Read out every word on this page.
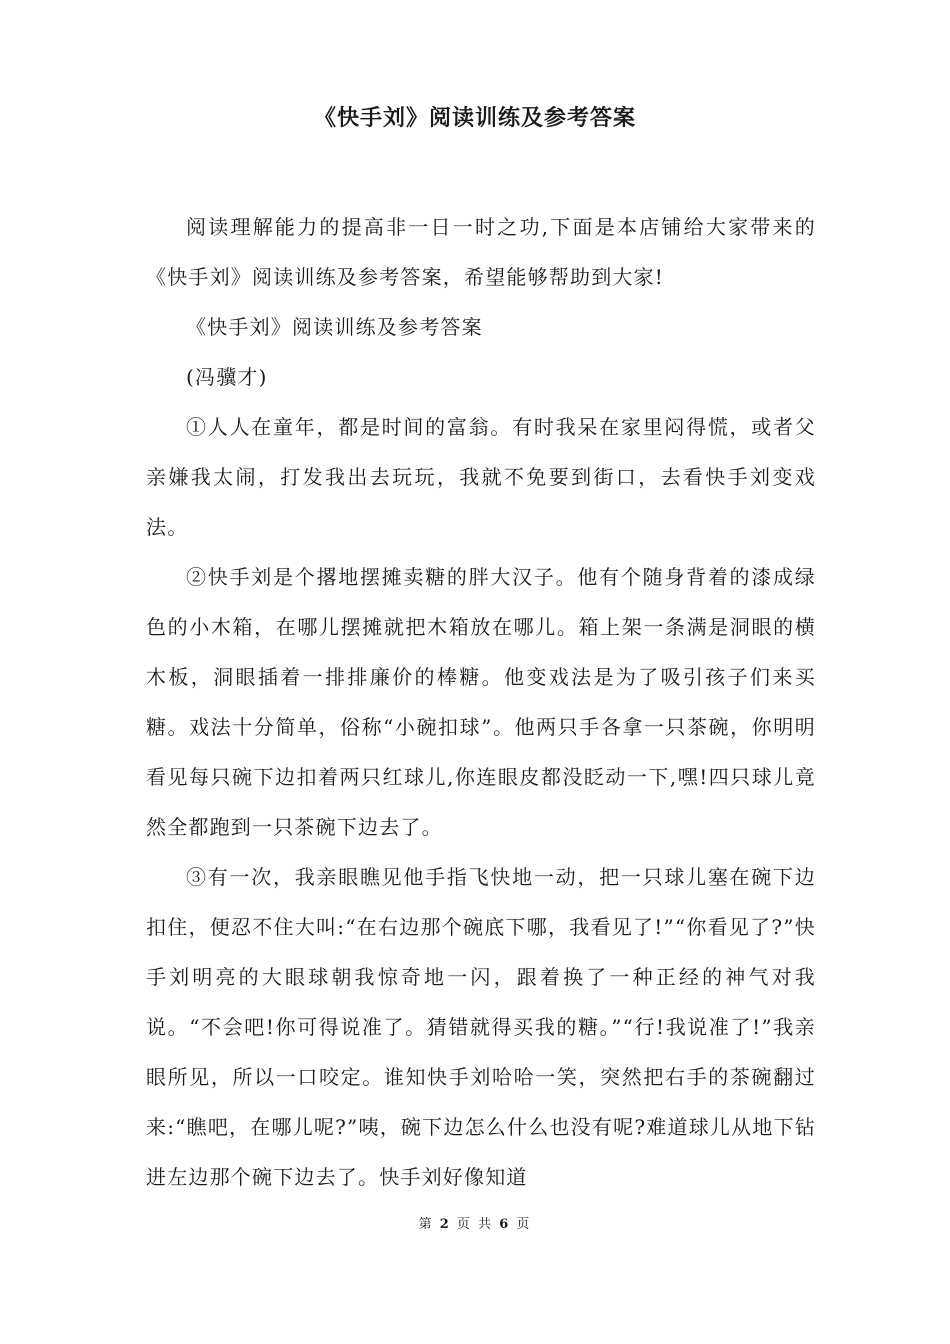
《快手刘》阅读训练及参考答案

阅读理解能力的提高非一日一时之功,下面是本店铺给大家带来的《快手刘》阅读训练及参考答案，希望能够帮助到大家!

《快手刘》阅读训练及参考答案

(冯骥才)

①人人在童年，都是时间的富翁。有时我呆在家里闷得慌，或者父亲嫌我太闹，打发我出去玩玩，我就不免要到街口，去看快手刘变戏法。

②快手刘是个撂地摆摊卖糖的胖大汉子。他有个随身背着的漆成绿色的小木箱，在哪儿摆摊就把木箱放在哪儿。箱上架一条满是洞眼的横木板，洞眼插着一排排廉价的棒糖。他变戏法是为了吸引孩子们来买糖。戏法十分简单，俗称“小碗扣球”。他两只手各拿一只茶碗，你明明看见每只碗下边扣着两只红球儿,你连眼皮都没眨动一下,嘿!四只球儿竟然全都跑到一只茶碗下边去了。

③有一次，我亲眼瞧见他手指飞快地一动，把一只球儿塞在碗下边扣住，便忍不住大叫:“在右边那个碗底下哪，我看见了!”“你看见了?”快手刘明亮的大眼球朝我惊奇地一闪，跟着换了一种正经的神气对我说。“不会吧!你可得说准了。猜错就得买我的糖。”“行!我说准了!”我亲眼所见，所以一口咬定。谁知快手刘哈哈一笑，突然把右手的茶碗翻过来:“瞧吧，在哪儿呢?”咦，碗下边怎么什么也没有呢?难道球儿从地下钻进左边那个碗下边去了。快手刘好像知道

第 2 页 共 6 页
